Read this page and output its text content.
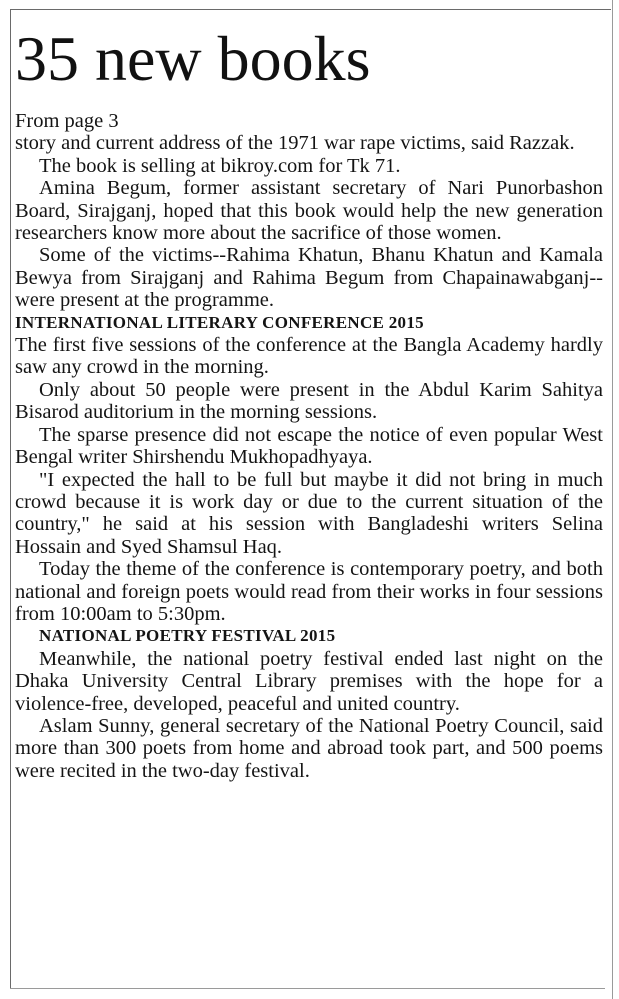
35 new books

From page 3

story and current address of the 1971 war rape victims, said Razzak.

The book is selling at bikroy.com for Tk 71.

Amina Begum, former assistant secretary of Nari Punorbashon Board, Sirajganj, hoped that this book would help the new generation researchers know more about the sacrifice of those women.

Some of the victims--Rahima Khatun, Bhanu Khatun and Kamala Bewya from Sirajganj and Rahima Begum from Chapainawabganj--were present at the programme.

INTERNATIONAL LITERARY CONFERENCE 2015

The first five sessions of the conference at the Bangla Academy hardly saw any crowd in the morning.

Only about 50 people were present in the Abdul Karim Sahitya Bisarod auditorium in the morning sessions.

The sparse presence did not escape the notice of even popular West Bengal writer Shirshendu Mukhopadhyaya.

"I expected the hall to be full but maybe it did not bring in much crowd because it is work day or due to the current situation of the country," he said at his session with Bangladeshi writers Selina Hossain and Syed Shamsul Haq.

Today the theme of the conference is contemporary poetry, and both national and foreign poets would read from their works in four sessions from 10:00am to 5:30pm.

NATIONAL POETRY FESTIVAL 2015

Meanwhile, the national poetry festival ended last night on the Dhaka University Central Library premises with the hope for a violence-free, developed, peaceful and united country.

Aslam Sunny, general secretary of the National Poetry Council, said more than 300 poets from home and abroad took part, and 500 poems were recited in the two-day festival.
